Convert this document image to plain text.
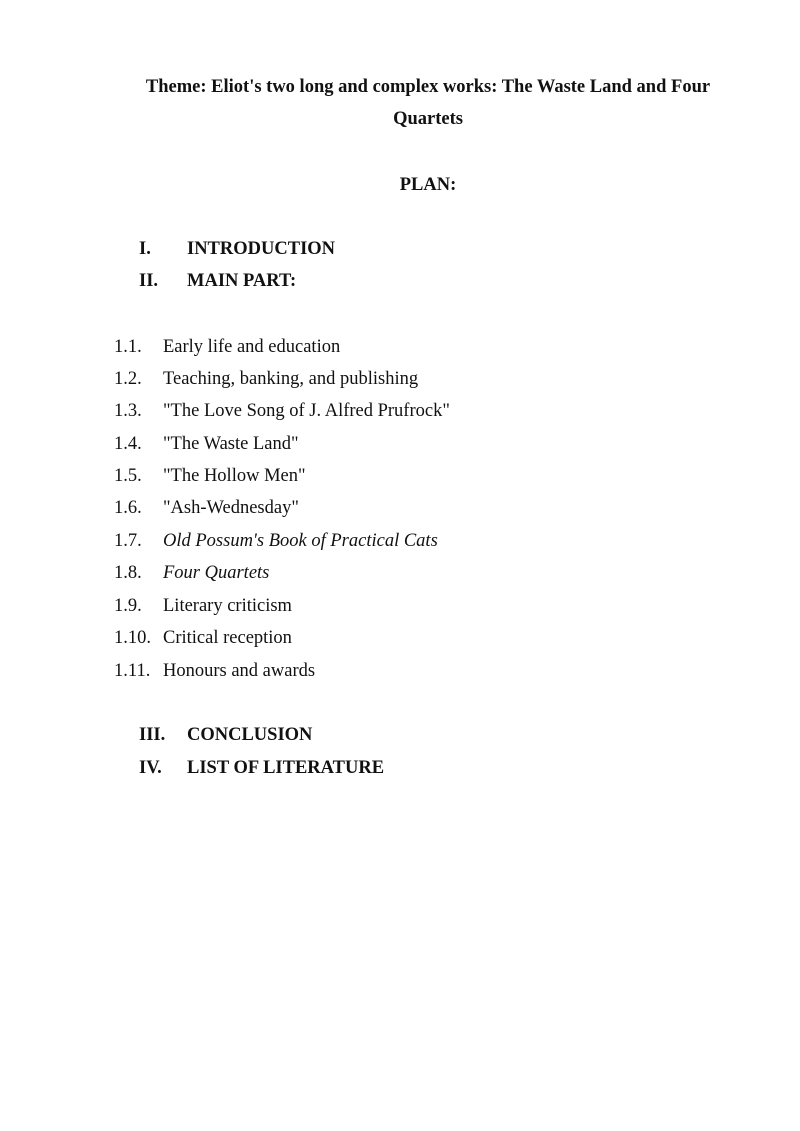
Theme: Eliot's two long and complex works: The Waste Land and Four
Quartets
PLAN:
I. INTRODUCTION
II. MAIN PART:
1.1. Early life and education
1.2. Teaching, banking, and publishing
1.3. "The Love Song of J. Alfred Prufrock"
1.4. "The Waste Land"
1.5. "The Hollow Men"
1.6. "Ash-Wednesday"
1.7. Old Possum's Book of Practical Cats
1.8. Four Quartets
1.9. Literary criticism
1.10. Critical reception
1.11. Honours and awards
III. CONCLUSION
IV. LIST OF LITERATURE
